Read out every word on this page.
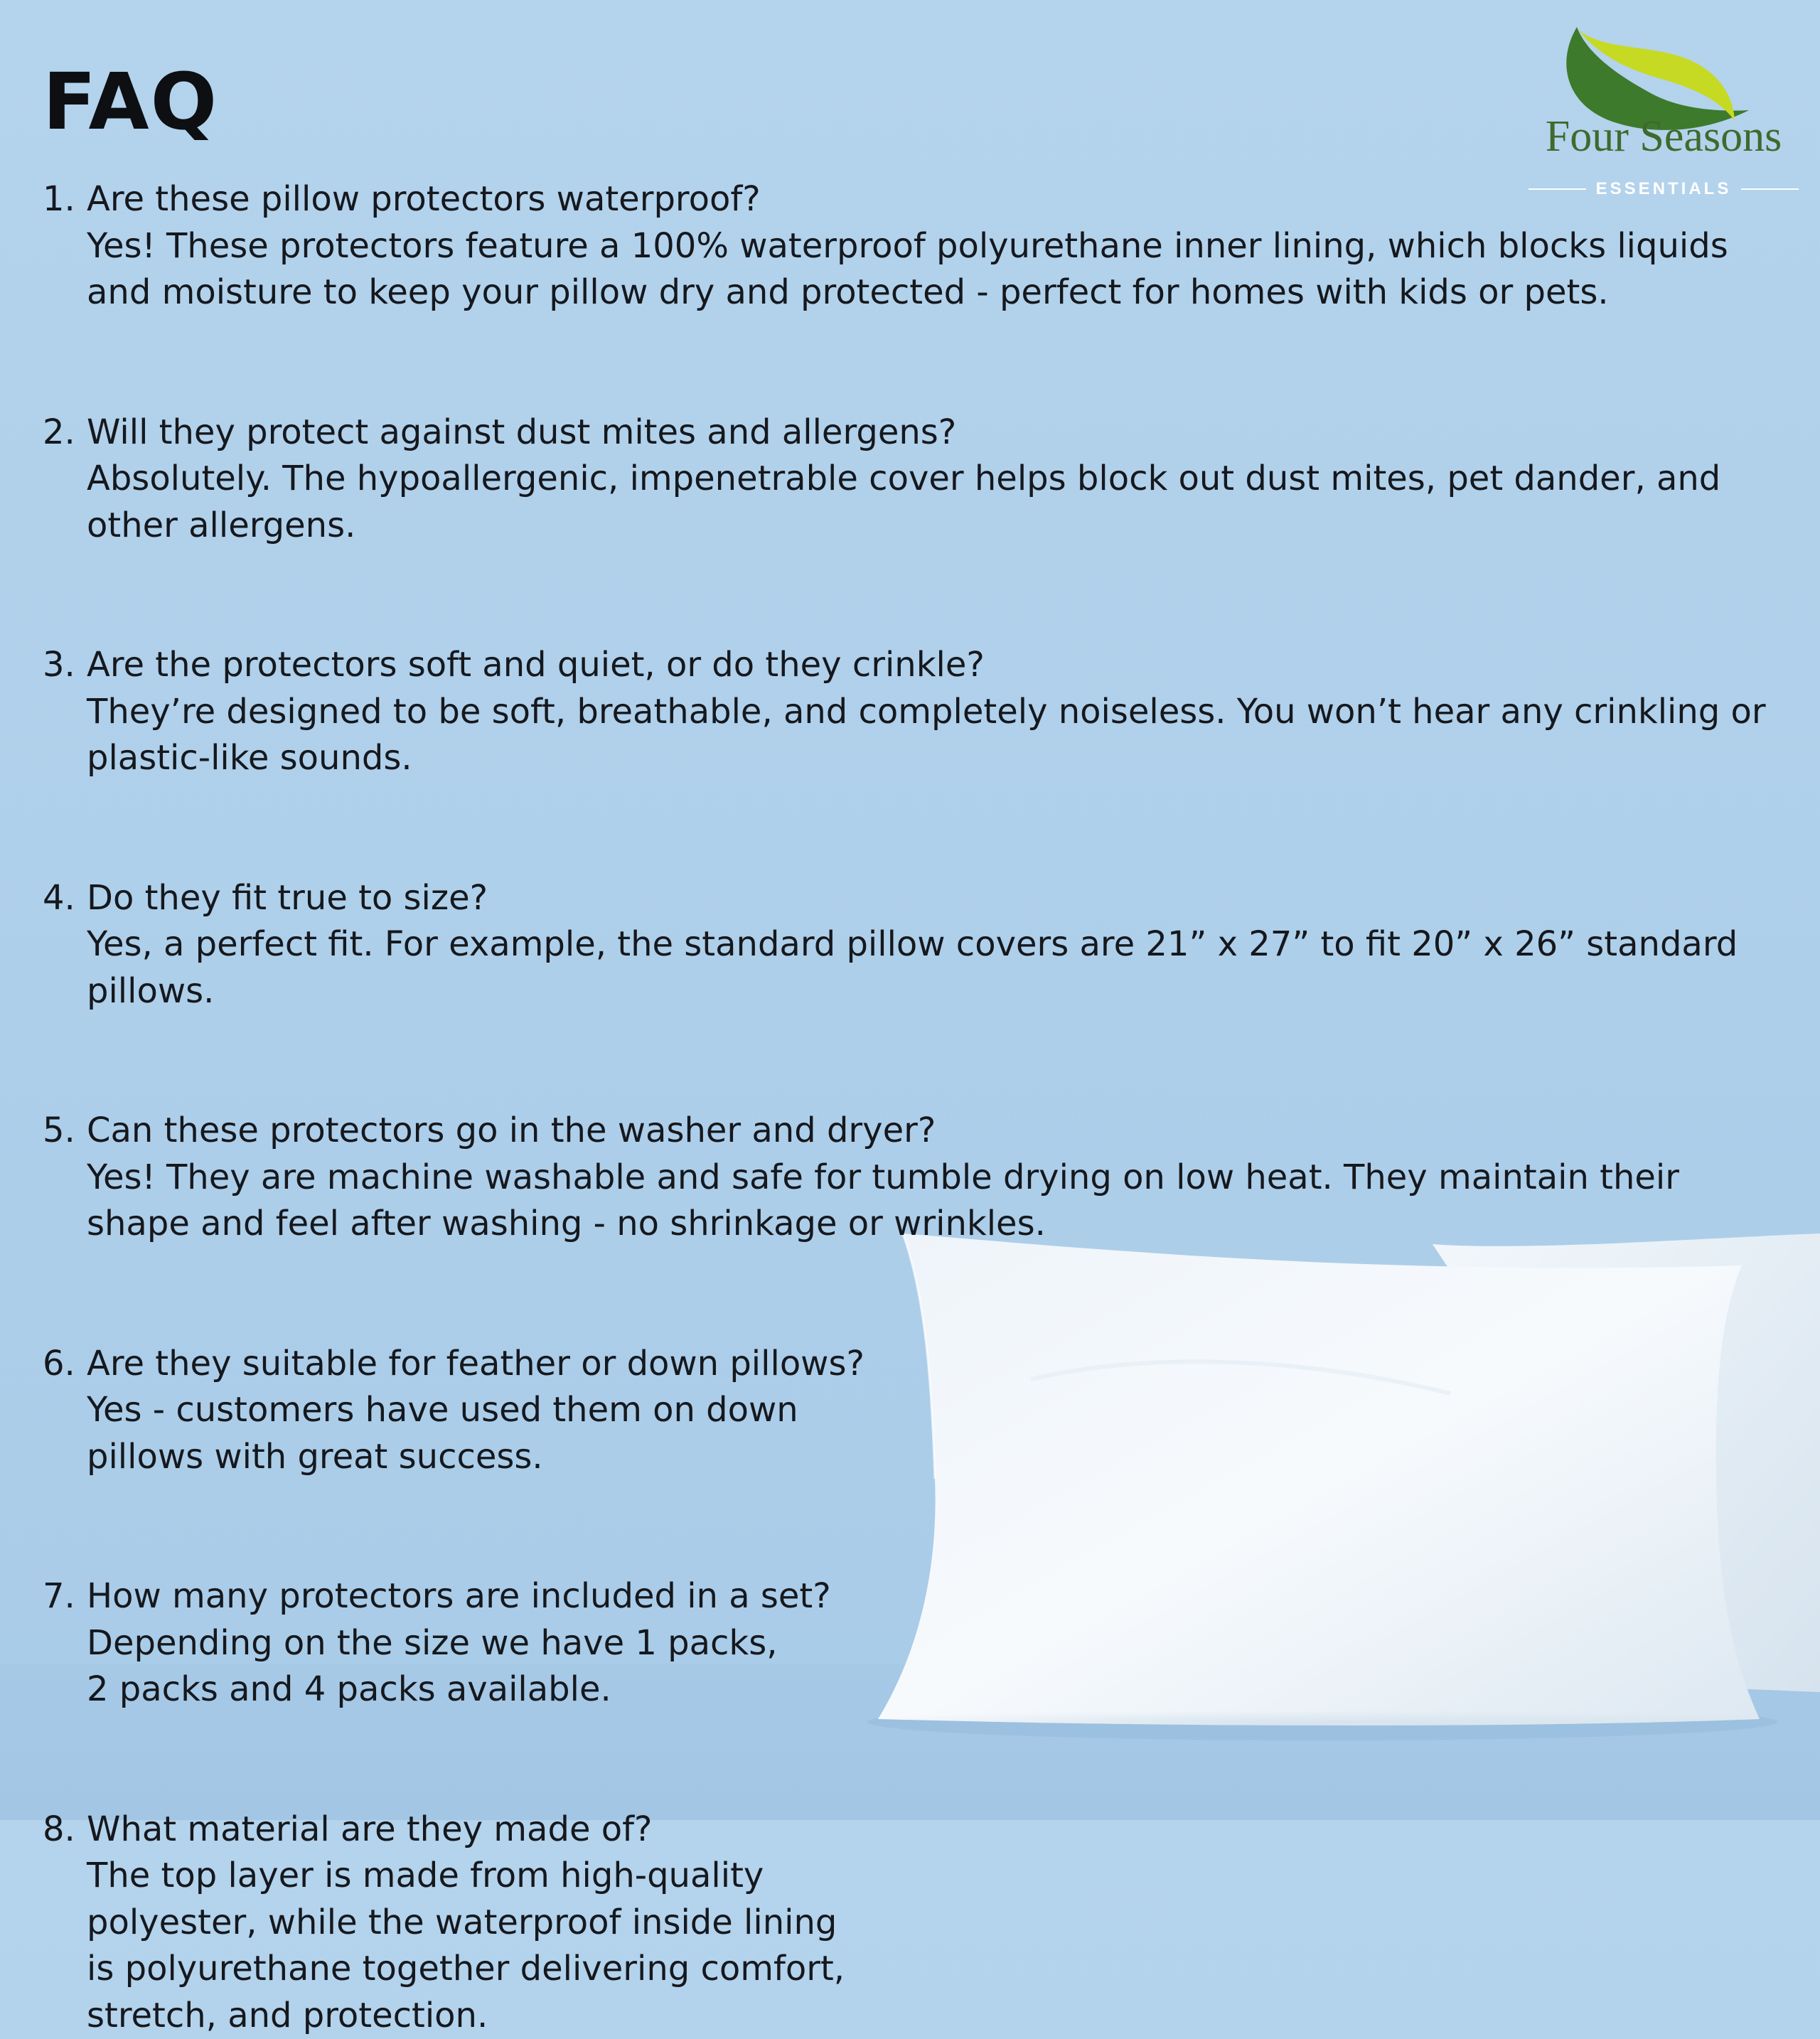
FAQ	Four Seasons
ESSENTIALS
1. Are these pillow protectors waterproof?
Yes! These protectors feature a 100% waterproof polyurethane inner lining, which blocks liquids
and moisture to keep your pillow dry and protected - perfect for homes with kids or pets.
2. Will they protect against dust mites and allergens?
Absolutely. The hypoallergenic, impenetrable cover helps block out dust mites, pet dander, and
other allergens.
3. Are the protectors soft and quiet, or do they crinkle?
They’re designed to be soft, breathable, and completely noiseless. You won’t hear any crinkling or
plastic-like sounds.
4. Do they fit true to size?
Yes, a perfect fit. For example, the standard pillow covers are 21” x 27” to fit 20” x 26” standard
pillows.
5. Can these protectors go in the washer and dryer?
Yes! They are machine washable and safe for tumble drying on low heat. They maintain their
shape and feel after washing - no shrinkage or wrinkles.
6. Are they suitable for feather or down pillows?
Yes - customers have used them on down
pillows with great success.
7. How many protectors are included in a set?
Depending on the size we have 1 packs,
2 packs and 4 packs available.
8. What material are they made of?
The top layer is made from high-quality
polyester, while the waterproof inside lining
is polyurethane together delivering comfort,
stretch, and protection.
